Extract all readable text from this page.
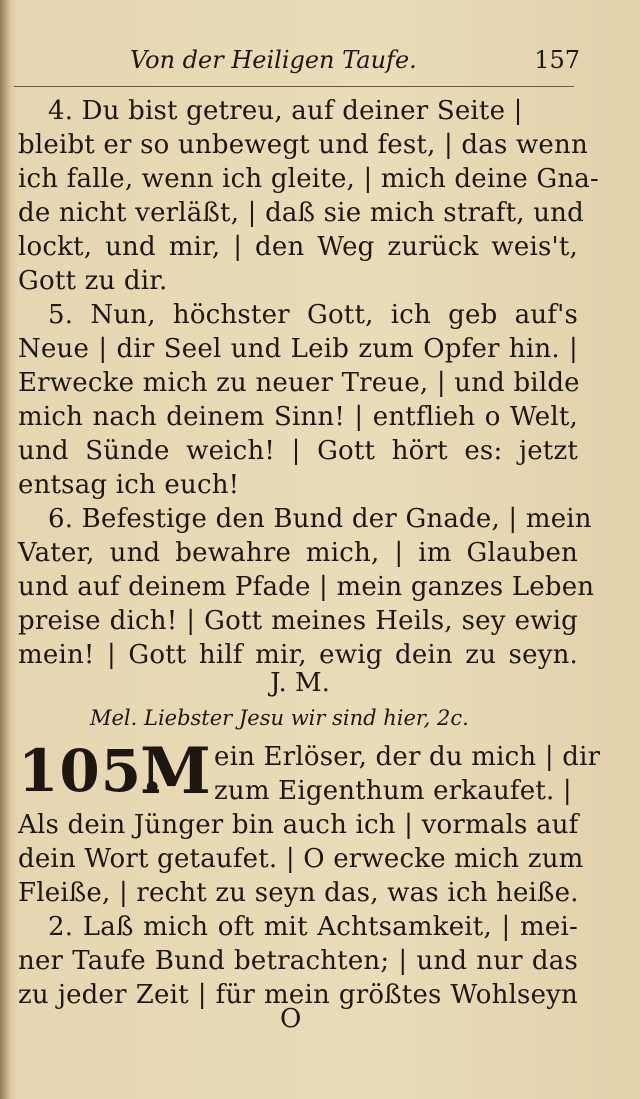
Von der Heiligen Taufe.	157
4. Du bist getreu, auf deiner Seite |
bleibt er so unbewegt und fest, | das wenn
ich falle, wenn ich gleite, | mich deine Gna-
de nicht verläßt, | daß sie mich straft, und
lockt, und mir, | den Weg zurück weis't,
Gott zu dir.
5. Nun, höchster Gott, ich geb auf's
Neue | dir Seel und Leib zum Opfer hin. |
Erwecke mich zu neuer Treue, | und bilde
mich nach deinem Sinn! | entflieh o Welt,
und Sünde weich! | Gott hört es: jetzt
entsag ich euch!
6. Befestige den Bund der Gnade, | mein
Vater, und bewahre mich, | im Glauben
und auf deinem Pfade | mein ganzes Leben
preise dich! | Gott meines Heils, sey ewig
mein! | Gott hilf mir, ewig dein zu seyn.
J. M.
Mel. Liebster Jesu wir sind hier, 2c.
105.
M ein Erlöser, der du mich | dir
zum Eigenthum erkaufet. |
Als dein Jünger bin auch ich | vormals auf
dein Wort getaufet. | O erwecke mich zum
Fleiße, | recht zu seyn das, was ich heiße.
2. Laß mich oft mit Achtsamkeit, | mei-
ner Taufe Bund betrachten; | und nur das
zu jeder Zeit | für mein größtes Wohlseyn
O
